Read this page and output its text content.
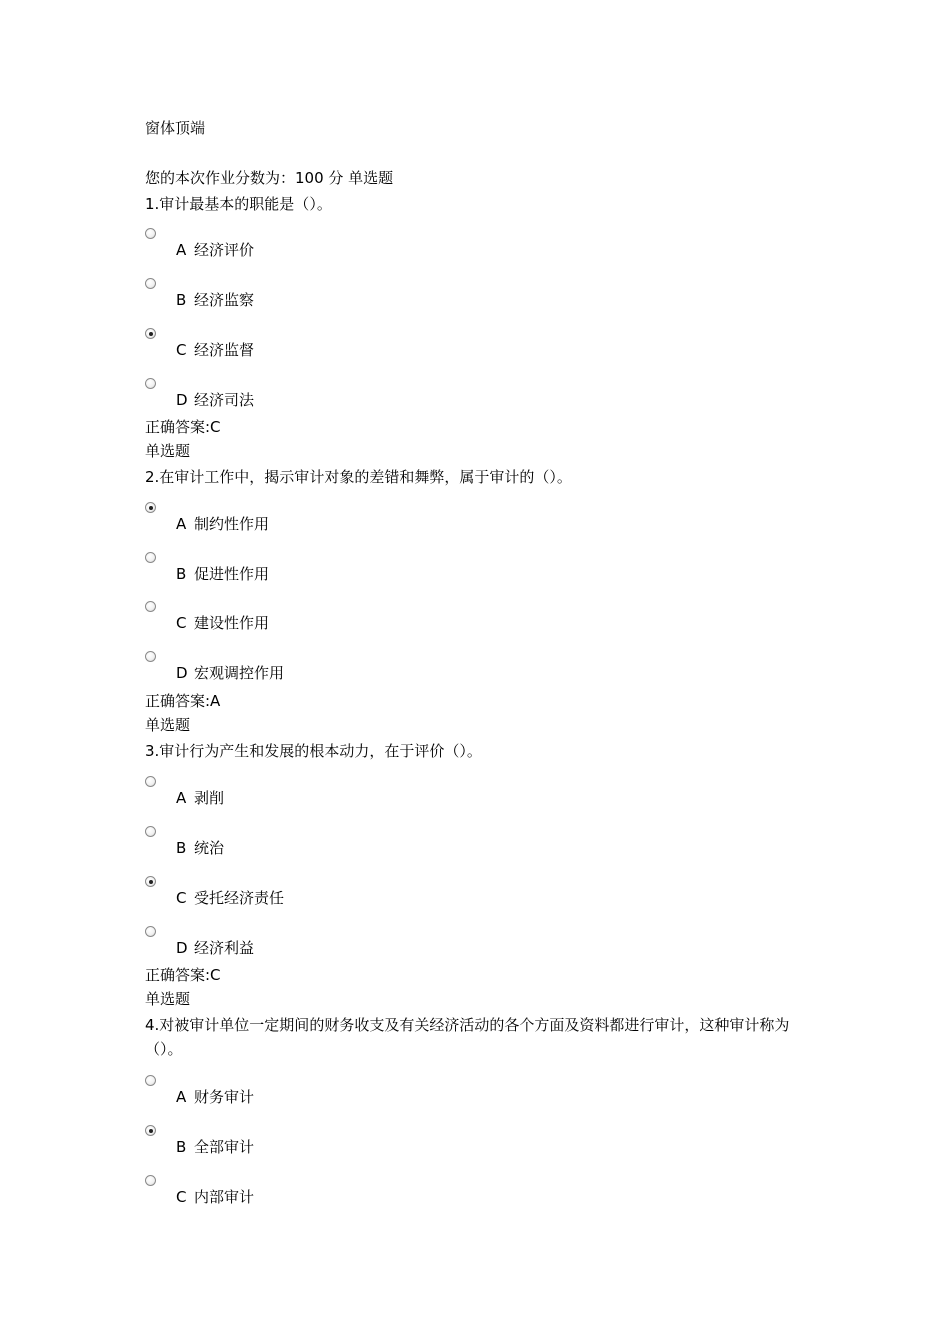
窗体顶端
您的本次作业分数为：100 分 单选题
1.审计最基本的职能是（）。
A 经济评价
B 经济监察
C 经济监督
D 经济司法
正确答案:C
单选题
2.在审计工作中，揭示审计对象的差错和舞弊，属于审计的（）。
A 制约性作用
B 促进性作用
C 建设性作用
D 宏观调控作用
正确答案:A
单选题
3.审计行为产生和发展的根本动力，在于评价（）。
A 剥削
B 统治
C 受托经济责任
D 经济利益
正确答案:C
单选题
4.对被审计单位一定期间的财务收支及有关经济活动的各个方面及资料都进行审计，这种审计称为（）。
A 财务审计
B 全部审计
C 内部审计
